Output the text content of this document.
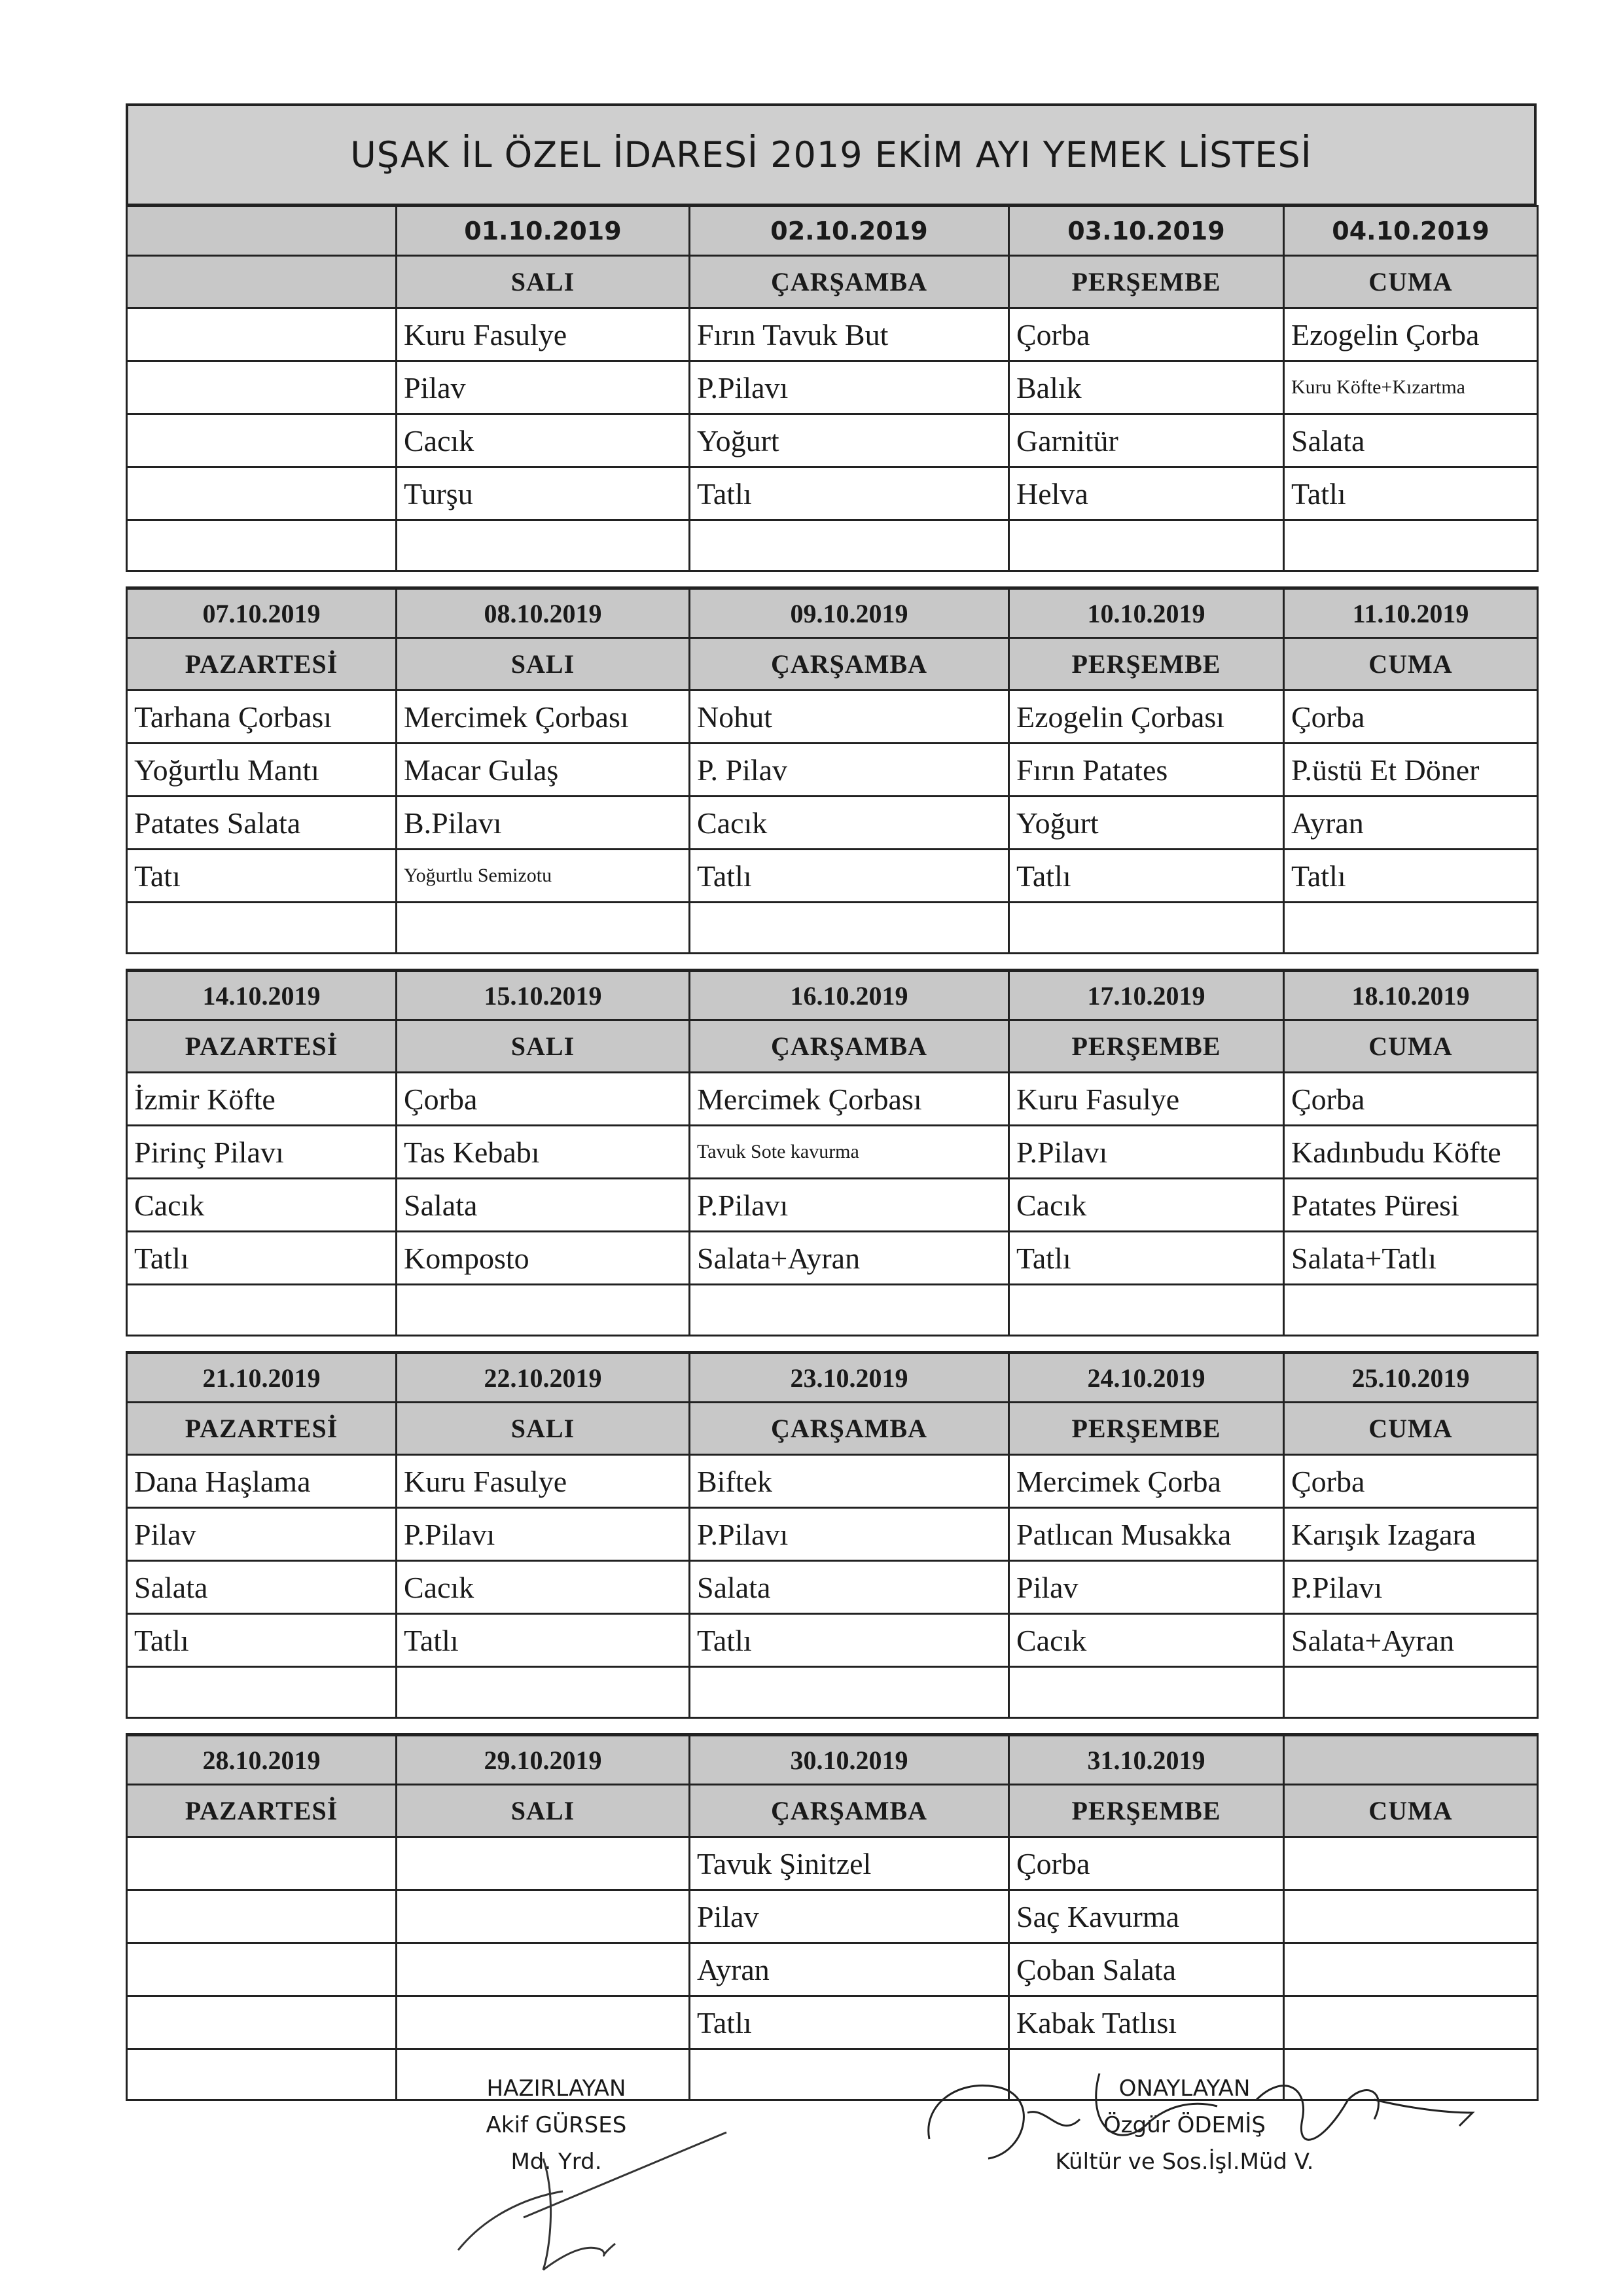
UŞAK İL ÖZEL İDARESİ 2019 EKİM AYI YEMEK LİSTESİ
	01.10.2019	02.10.2019	03.10.2019	04.10.2019
	SALI	ÇARŞAMBA	PERŞEMBE	CUMA
	Kuru Fasulye	Fırın Tavuk But	Çorba	Ezogelin Çorba
	Pilav	P.Pilavı	Balık	Kuru Köfte+Kızartma
	Cacık	Yoğurt	Garnitür	Salata
	Turşu	Tatlı	Helva	Tatlı

07.10.2019	08.10.2019	09.10.2019	10.10.2019	11.10.2019
PAZARTESİ	SALI	ÇARŞAMBA	PERŞEMBE	CUMA
Tarhana Çorbası	Mercimek Çorbası	Nohut	Ezogelin Çorbası	Çorba
Yoğurtlu Mantı	Macar Gulaş	P. Pilav	Fırın Patates	P.üstü Et Döner
Patates Salata	B.Pilavı	Cacık	Yoğurt	Ayran
Tatı	Yoğurtlu Semizotu	Tatlı	Tatlı	Tatlı

14.10.2019	15.10.2019	16.10.2019	17.10.2019	18.10.2019
PAZARTESİ	SALI	ÇARŞAMBA	PERŞEMBE	CUMA
İzmir Köfte	Çorba	Mercimek Çorbası	Kuru Fasulye	Çorba
Pirinç Pilavı	Tas Kebabı	Tavuk Sote kavurma	P.Pilavı	Kadınbudu Köfte
Cacık	Salata	P.Pilavı	Cacık	Patates Püresi
Tatlı	Komposto	Salata+Ayran	Tatlı	Salata+Tatlı

21.10.2019	22.10.2019	23.10.2019	24.10.2019	25.10.2019
PAZARTESİ	SALI	ÇARŞAMBA	PERŞEMBE	CUMA
Dana Haşlama	Kuru Fasulye	Biftek	Mercimek Çorba	Çorba
Pilav	P.Pilavı	P.Pilavı	Patlıcan Musakka	Karışık Izagara
Salata	Cacık	Salata	Pilav	P.Pilavı
Tatlı	Tatlı	Tatlı	Cacık	Salata+Ayran

28.10.2019	29.10.2019	30.10.2019	31.10.2019	
PAZARTESİ	SALI	ÇARŞAMBA	PERŞEMBE	CUMA
		Tavuk Şinitzel	Çorba	
		Pilav	Saç Kavurma	
		Ayran	Çoban Salata	
		Tatlı	Kabak Tatlısı	

HAZIRLAYAN
Akif GÜRSES
Md. Yrd.
ONAYLAYAN
Özgür ÖDEMİŞ
Kültür ve Sos.İşl.Müd V.
